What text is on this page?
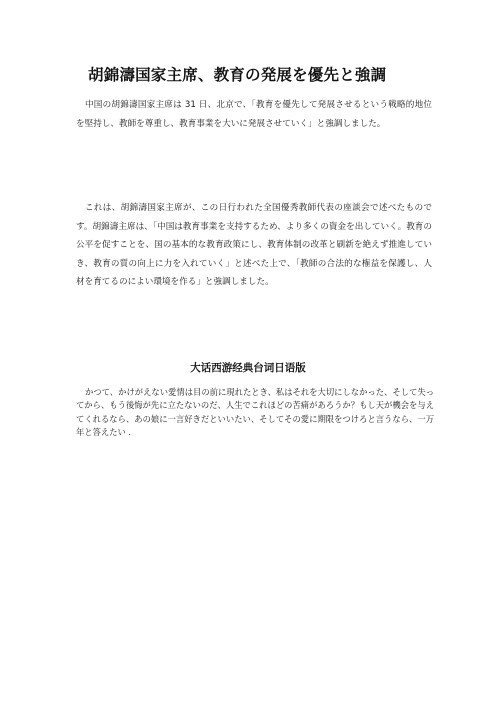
胡錦濤国家主席、教育の発展を優先と強調

中国の胡錦濤国家主席は 31 日、北京で、「教育を優先して発展させるという戦略的地位を堅持し、教師を尊重し、教育事業を大いに発展させていく」と強調しました。

これは、胡錦濤国家主席が、この日行われた全国優秀教師代表の座談会で述べたものです。胡錦濤主席は、「中国は教育事業を支持するため、より多くの資金を出していく。教育の公平を促すことを、国の基本的な教育政策にし、教育体制の改革と刷新を絶えず推進していき、教育の質の向上に力を入れていく」と述べた上で、「教師の合法的な権益を保護し、人材を育てるのによい環境を作る」と強調しました。

大话西游经典台词日语版

かつて、かけがえない愛情は目の前に現れたとき、私はそれを大切にしなかった、そして失ってから、もう後悔が先に立たないのだ、人生でこれほどの苦痛があろうか？もし天が機会を与えてくれるなら、あの娘に一言好きだといいたい、そしてその愛に期限をつけろと言うなら、一万年と答えたい ．
